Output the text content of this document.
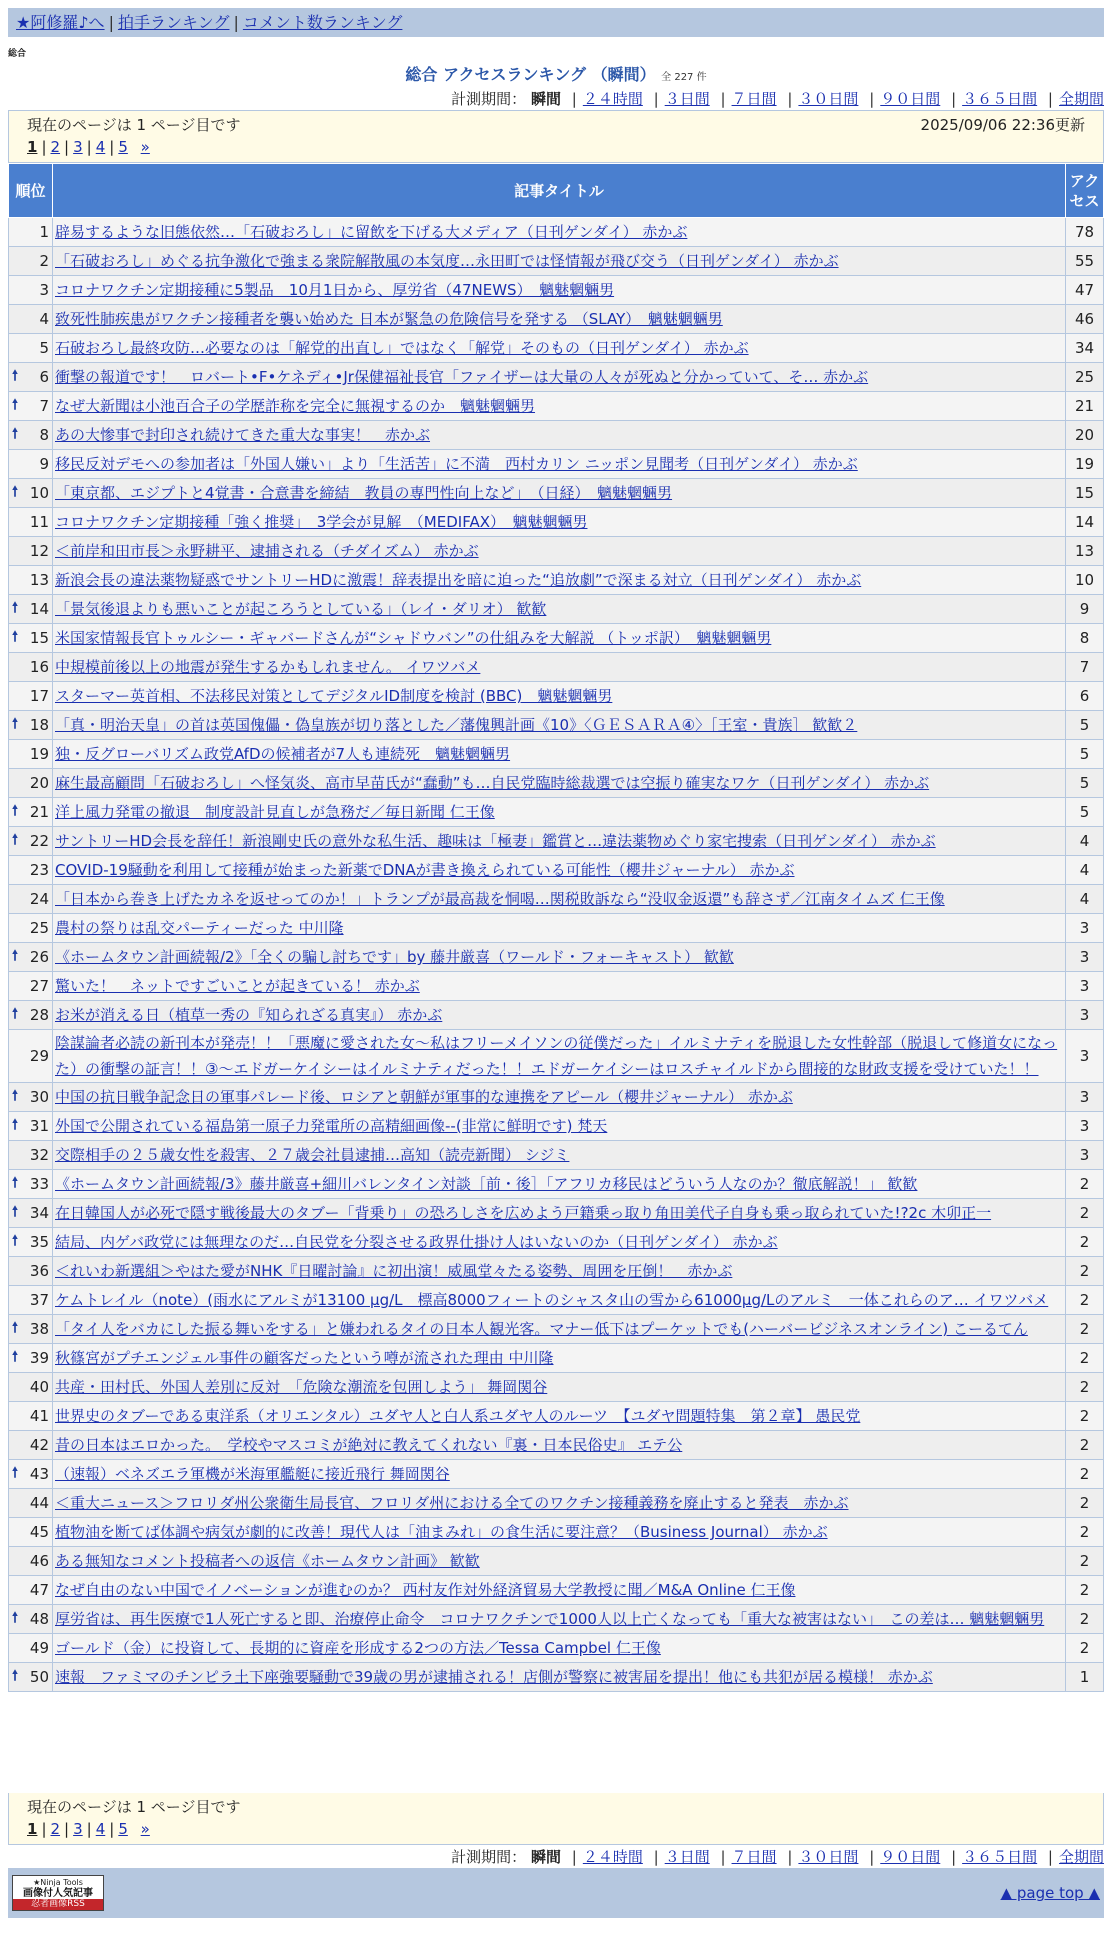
★阿修羅♪へ | 拍手ランキング | コメント数ランキング
総合
総合 アクセスランキング （瞬間） 全 227 件
計測期間： 瞬間 | ２４時間 | ３日間 | ７日間 | ３０日間 | ９０日間 | ３６５日間 | 全期間
現在のページは 1 ページ目です	2025/09/06 22:36更新
1 | 2 | 3 | 4 | 5 »
順位	記事タイトル	アクセス
1	辟易するような旧態依然…「石破おろし」に留飲を下げる大メディア（日刊ゲンダイ） 赤かぶ	78
2	「石破おろし」めぐる抗争激化で強まる衆院解散風の本気度…永田町では怪情報が飛び交う（日刊ゲンダイ） 赤かぶ	55
3	コロナワクチン定期接種に5製品　10月1日から、厚労省（47NEWS）　魑魅魍魎男	47
4	致死性肺疾患がワクチン接種者を襲い始めた 日本が緊急の危険信号を発する （SLAY）　魑魅魍魎男	46
5	石破おろし最終攻防…必要なのは「解党的出直し」ではなく「解党」そのもの（日刊ゲンダイ） 赤かぶ	34

🠕 6	衝撃の報道です！　ロバート•F•ケネディ•Jr保健福祉長官「ファイザーは大量の人々が死ぬと分かっていて、そ… 赤かぶ	25

🠕 7	なぜ大新聞は小池百合子の学歴詐称を完全に無視するのか　魑魅魍魎男	21

🠕 8	あの大惨事で封印され続けてきた重大な事実！　赤かぶ	20
9	移民反対デモへの参加者は「外国人嫌い」より「生活苦」に不満　西村カリン ニッポン見聞考（日刊ゲンダイ） 赤かぶ	19

🠕 10	「東京都、エジプトと4覚書・合意書を締結　教員の専門性向上など」　（日経）　魑魅魍魎男	15
11	コロナワクチン定期接種「強く推奨」　3学会が見解　（MEDIFAX）　魑魅魍魎男	14
12	＜前岸和田市長＞永野耕平、逮捕される（チダイズム） 赤かぶ	13
13	新浪会長の違法薬物疑惑でサントリーHDに激震！辞表提出を暗に迫った“追放劇”で深まる対立（日刊ゲンダイ） 赤かぶ	10

🠕 14	「景気後退よりも悪いことが起ころうとしている」（レイ・ダリオ） 歓歓	9

🠕 15	米国家情報長官トゥルシー・ギャバードさんが“シャドウバン”の仕組みを大解説 （トッポ訳）　魑魅魍魎男	8
16	中規模前後以上の地震が発生するかもしれません。 イワツバメ	7
17	スターマー英首相、不法移民対策としてデジタルID制度を検討 (BBC)　魑魅魍魎男	6

🠕 18	「真・明治天皇」の首は英国傀儡・偽皇族が切り落とした／藩傀興計画《10》〈ＧＥＳＡＲＡ④〉［王室・貴族］ 歓歓２	5
19	独・反グローバリズム政党AfDの候補者が7人も連続死　魑魅魍魎男	5
20	麻生最高顧問「石破おろし」へ怪気炎、高市早苗氏が“蠢動”も…自民党臨時総裁選では空振り確実なワケ（日刊ゲンダイ） 赤かぶ	5

🠕 21	洋上風力発電の撤退　制度設計見直しが急務だ／毎日新聞 仁王像	5

🠕 22	サントリーHD会長を辞任！新浪剛史氏の意外な私生活、趣味は「極妻」鑑賞と…違法薬物めぐり家宅捜索（日刊ゲンダイ） 赤かぶ	4
23	COVID-19騒動を利用して接種が始まった新薬でDNAが書き換えられている可能性（櫻井ジャーナル） 赤かぶ	4
24	「日本から巻き上げたカネを返せってのか！」トランプが最高裁を恫喝…関税敗訴なら“没収金返還”も辞さず／江南タイムズ 仁王像	4
25	農村の祭りは乱交パーティーだった 中川隆	3

🠕 26	《ホームタウン計画続報/2》「全くの騙し討ちです」by 藤井厳喜（ワールド・フォーキャスト） 歓歓	3
27	驚いた！　ネットですごいことが起きている！ 赤かぶ	3

🠕 28	お米が消える日（植草一秀の『知られざる真実』） 赤かぶ	3
29	陰謀論者必読の新刊本が発売！！「悪魔に愛された女〜私はフリーメイソンの従僕だった」イルミナティを脱退した女性幹部（脱退して修道女になった）の衝撃の証言！！③〜エドガーケイシーはイルミナティだった！！エドガーケイシーはロスチャイルドから間接的な財政支援を受けていた！！	3

🠕 30	中国の抗日戦争記念日の軍事パレード後、ロシアと朝鮮が軍事的な連携をアピール（櫻井ジャーナル） 赤かぶ	3

🠕 31	外国で公開されている福島第一原子力発電所の高精細画像--(非常に鮮明です) 梵天	3
32	交際相手の２５歳女性を殺害、２７歳会社員逮捕…高知（読売新聞） シジミ	3

🠕 33	《ホームタウン計画続報/3》藤井厳喜+細川バレンタイン対談［前・後］「アフリカ移民はどういう人なのか？徹底解説！」 歓歓	2

🠕 34	在日韓国人が必死で隠す戦後最大のタブー「背乗り」の恐ろしさを広めよう戸籍乗っ取り角田美代子自身も乗っ取られていた!?2c 木卯正一	2

🠕 35	結局、内ゲバ政党には無理なのだ…自民党を分裂させる政界仕掛け人はいないのか（日刊ゲンダイ） 赤かぶ	2
36	＜れいわ新選組＞やはた愛がNHK『日曜討論』に初出演！威風堂々たる姿勢、周囲を圧倒！　赤かぶ	2
37	ケムトレイル（note）(雨水にアルミが13100 µg/L　標高8000フィートのシャスタ山の雪から61000µg/Lのアルミ　一体これらのア… イワツバメ	2

🠕 38	「タイ人をバカにした振る舞いをする」と嫌われるタイの日本人観光客。マナー低下はプーケットでも(ハーバービジネスオンライン) こーるてん	2

🠕 39	秋篠宮がプチエンジェル事件の顧客だったという噂が流された理由 中川隆	2
40	共産・田村氏、外国人差別に反対　「危険な潮流を包囲しよう」 舞岡関谷	2
41	世界史のタブーである東洋系（オリエンタル）ユダヤ人と白人系ユダヤ人のルーツ　【ユダヤ問題特集　第２章】 愚民党	2
42	昔の日本はエロかった。　学校やマスコミが絶対に教えてくれない『裏・日本民俗史』 エテ公	2

🠕 43	（速報）ベネズエラ軍機が米海軍艦艇に接近飛行 舞岡関谷	2
44	＜重大ニュース＞フロリダ州公衆衛生局長官、フロリダ州における全てのワクチン接種義務を廃止すると発表　赤かぶ	2
45	植物油を断てば体調や病気が劇的に改善！現代人は「油まみれ」の食生活に要注意？（Business Journal） 赤かぶ	2
46	ある無知なコメント投稿者への返信《ホームタウン計画》 歓歓	2
47	なぜ自由のない中国でイノベーションが進むのか？ 西村友作対外経済貿易大学教授に聞／M&A Online 仁王像	2

🠕 48	厚労省は、再生医療で1人死亡すると即、治療停止命令　コロナワクチンで1000人以上亡くなっても「重大な被害はない」　この差は… 魑魅魍魎男	2
49	ゴールド（金）に投資して、長期的に資産を形成する2つの方法／Tessa Campbel 仁王像	2

🠕 50	速報　ファミマのチンピラ土下座強要騒動で39歳の男が逮捕される！店側が警察に被害届を提出！他にも共犯が居る模様！ 赤かぶ	1
現在のページは 1 ページ目です
1 | 2 | 3 | 4 | 5 »
計測期間： 瞬間 | ２４時間 | ３日間 | ７日間 | ３０日間 | ９０日間 | ３６５日間 | 全期間
★Ninja Tools
画像付人気記事
忍者画像RSS
▲ page top ▲
